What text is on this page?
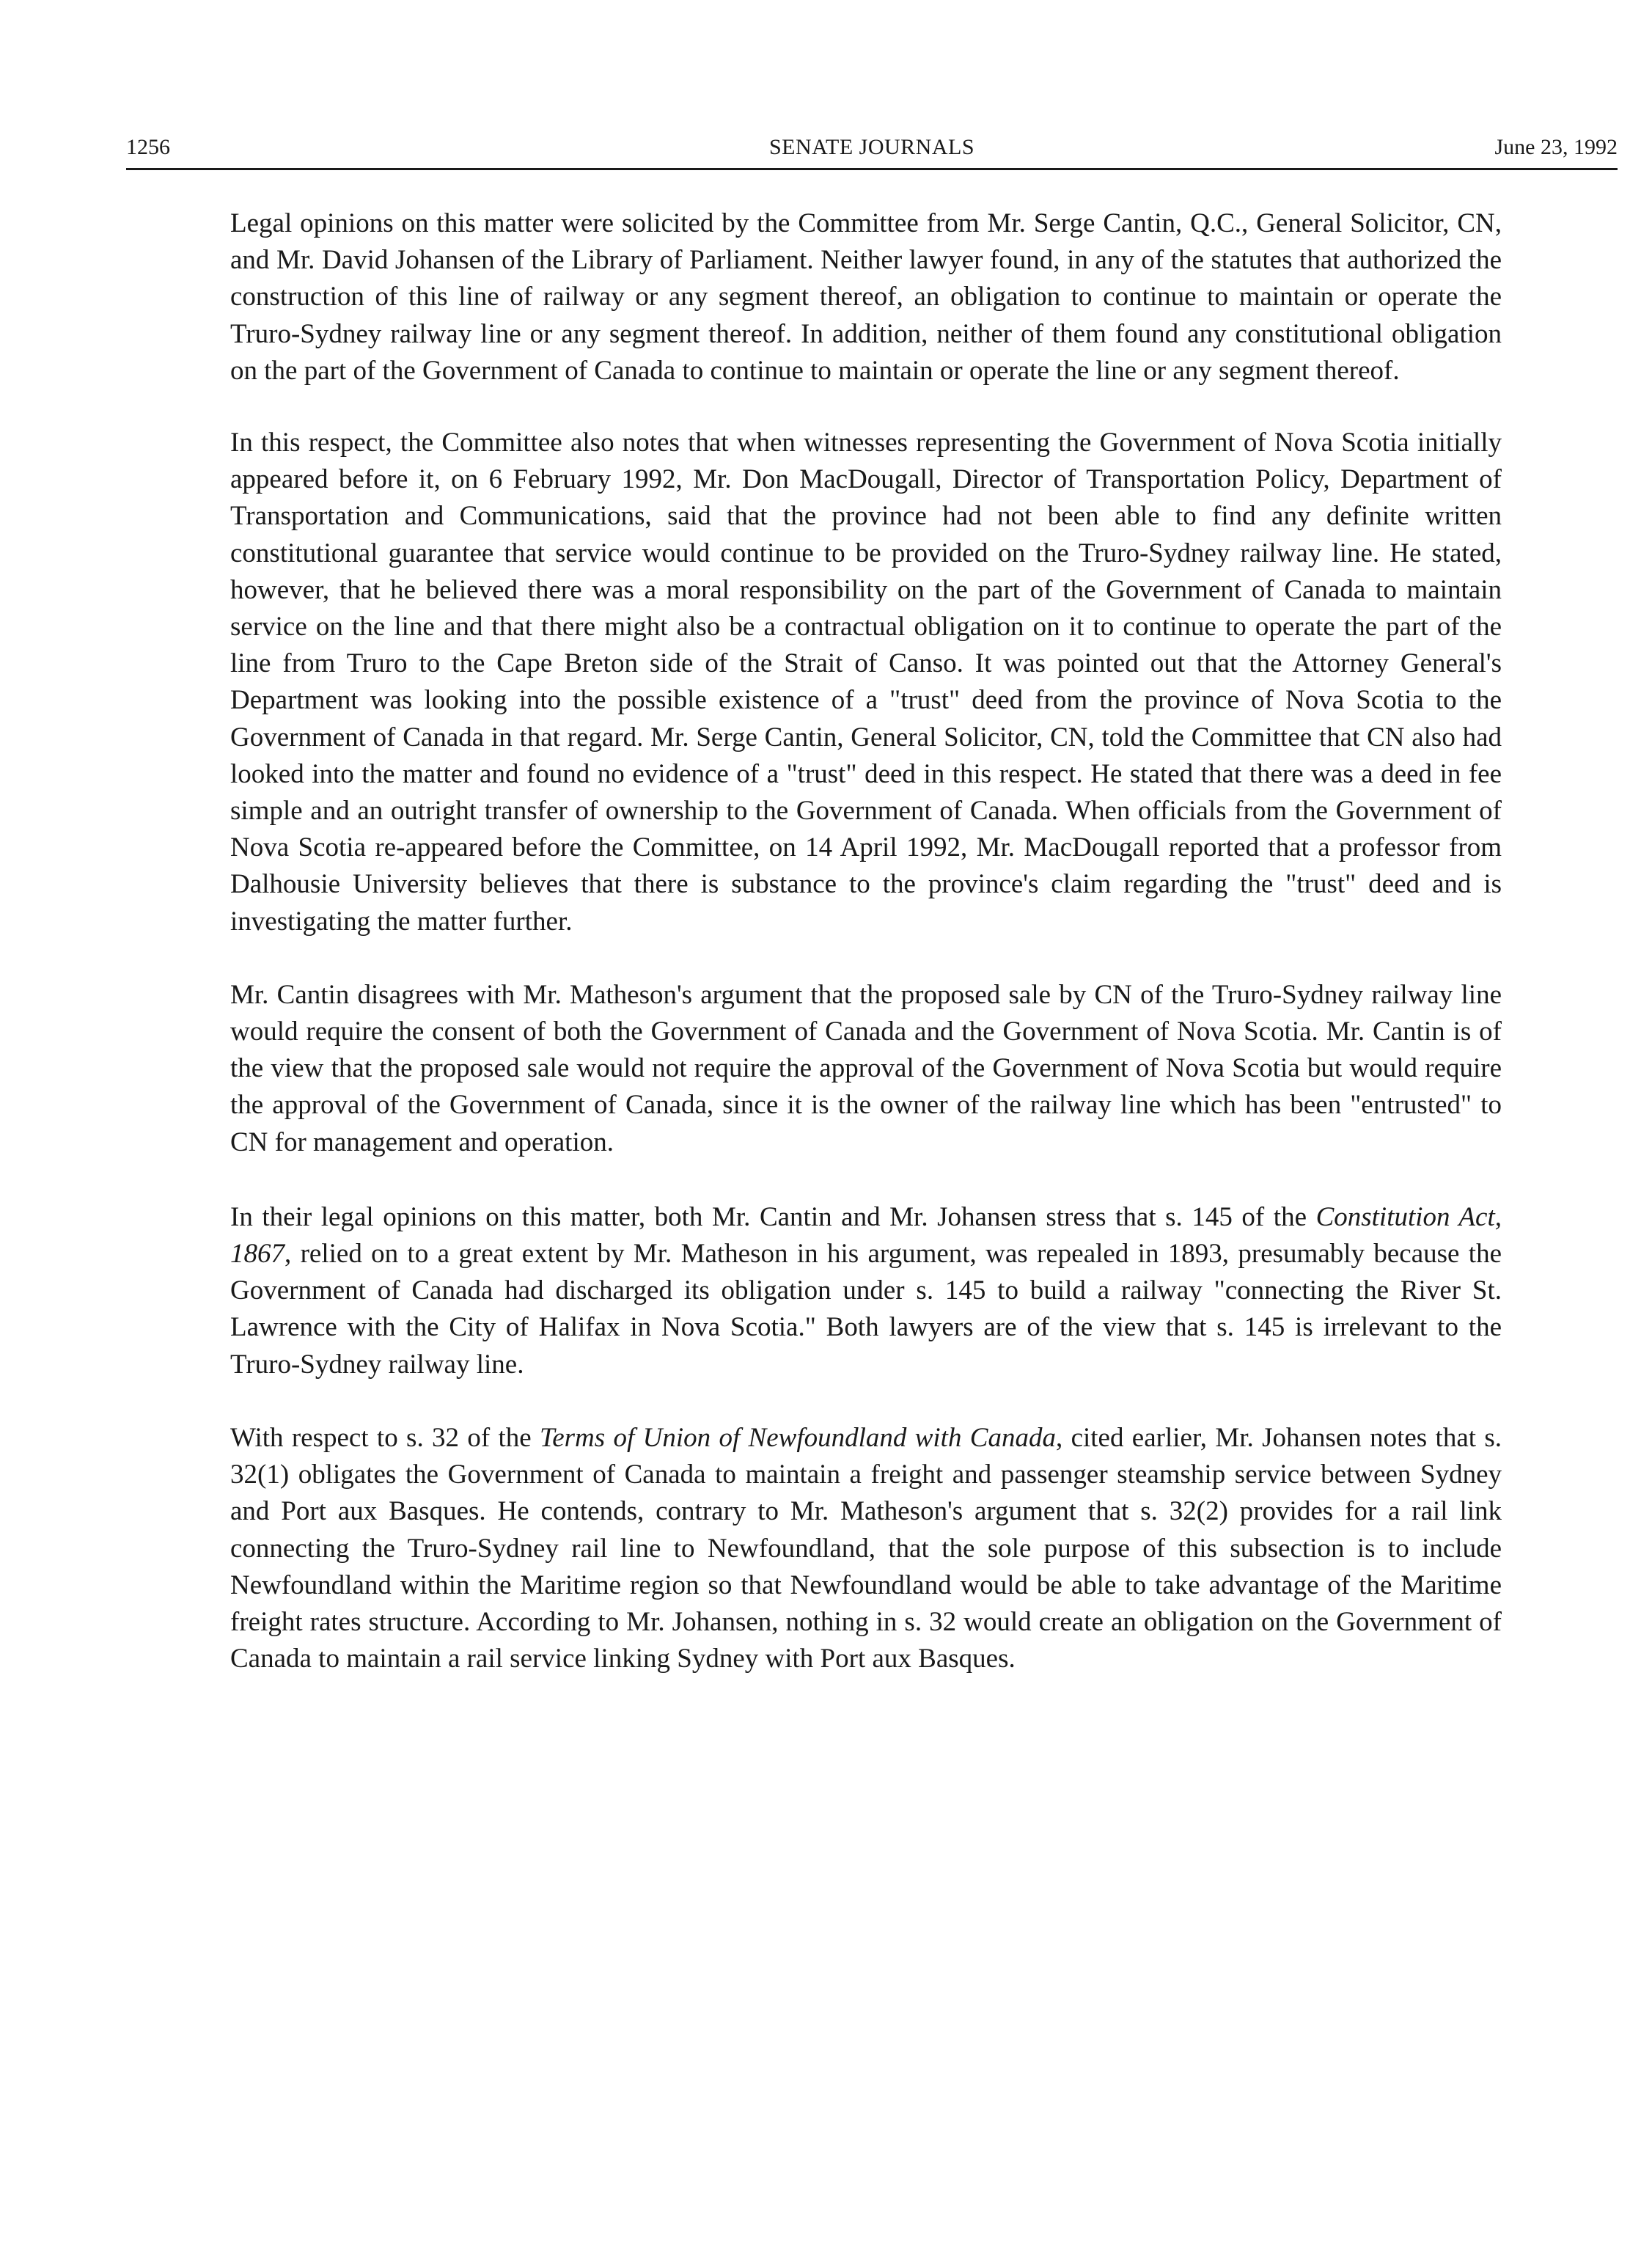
1256	SENATE JOURNALS	June 23, 1992

Legal opinions on this matter were solicited by the Committee from Mr. Serge Cantin, Q.C., General Solicitor, CN, and Mr. David Johansen of the Library of Parliament. Neither lawyer found, in any of the statutes that authorized the construction of this line of railway or any segment thereof, an obligation to continue to maintain or operate the Truro-Sydney railway line or any segment thereof. In addition, neither of them found any constitutional obligation on the part of the Government of Canada to continue to maintain or operate the line or any segment thereof.

In this respect, the Committee also notes that when witnesses representing the Government of Nova Scotia initially appeared before it, on 6 February 1992, Mr. Don MacDougall, Director of Transportation Policy, Department of Transportation and Communications, said that the province had not been able to find any definite written constitutional guarantee that service would continue to be provided on the Truro-Sydney railway line. He stated, however, that he believed there was a moral responsibility on the part of the Government of Canada to maintain service on the line and that there might also be a contractual obligation on it to continue to operate the part of the line from Truro to the Cape Breton side of the Strait of Canso. It was pointed out that the Attorney General's Department was looking into the possible existence of a "trust" deed from the province of Nova Scotia to the Government of Canada in that regard. Mr. Serge Cantin, General Solicitor, CN, told the Committee that CN also had looked into the matter and found no evidence of a "trust" deed in this respect. He stated that there was a deed in fee simple and an outright transfer of ownership to the Government of Canada. When officials from the Government of Nova Scotia re-appeared before the Committee, on 14 April 1992, Mr. MacDougall reported that a professor from Dalhousie University believes that there is substance to the province's claim regarding the "trust" deed and is investigating the matter further.

Mr. Cantin disagrees with Mr. Matheson's argument that the proposed sale by CN of the Truro-Sydney railway line would require the consent of both the Government of Canada and the Government of Nova Scotia. Mr. Cantin is of the view that the proposed sale would not require the approval of the Government of Nova Scotia but would require the approval of the Government of Canada, since it is the owner of the railway line which has been "entrusted" to CN for management and operation.

In their legal opinions on this matter, both Mr. Cantin and Mr. Johansen stress that s. 145 of the Constitution Act, 1867, relied on to a great extent by Mr. Matheson in his argument, was repealed in 1893, presumably because the Government of Canada had discharged its obligation under s. 145 to build a railway "connecting the River St. Lawrence with the City of Halifax in Nova Scotia." Both lawyers are of the view that s. 145 is irrelevant to the Truro-Sydney railway line.

With respect to s. 32 of the Terms of Union of Newfoundland with Canada, cited earlier, Mr. Johansen notes that s. 32(1) obligates the Government of Canada to maintain a freight and passenger steamship service between Sydney and Port aux Basques. He contends, contrary to Mr. Matheson's argument that s. 32(2) provides for a rail link connecting the Truro-Sydney rail line to Newfoundland, that the sole purpose of this subsection is to include Newfoundland within the Maritime region so that Newfoundland would be able to take advantage of the Maritime freight rates structure. According to Mr. Johansen, nothing in s. 32 would create an obligation on the Government of Canada to maintain a rail service linking Sydney with Port aux Basques.
